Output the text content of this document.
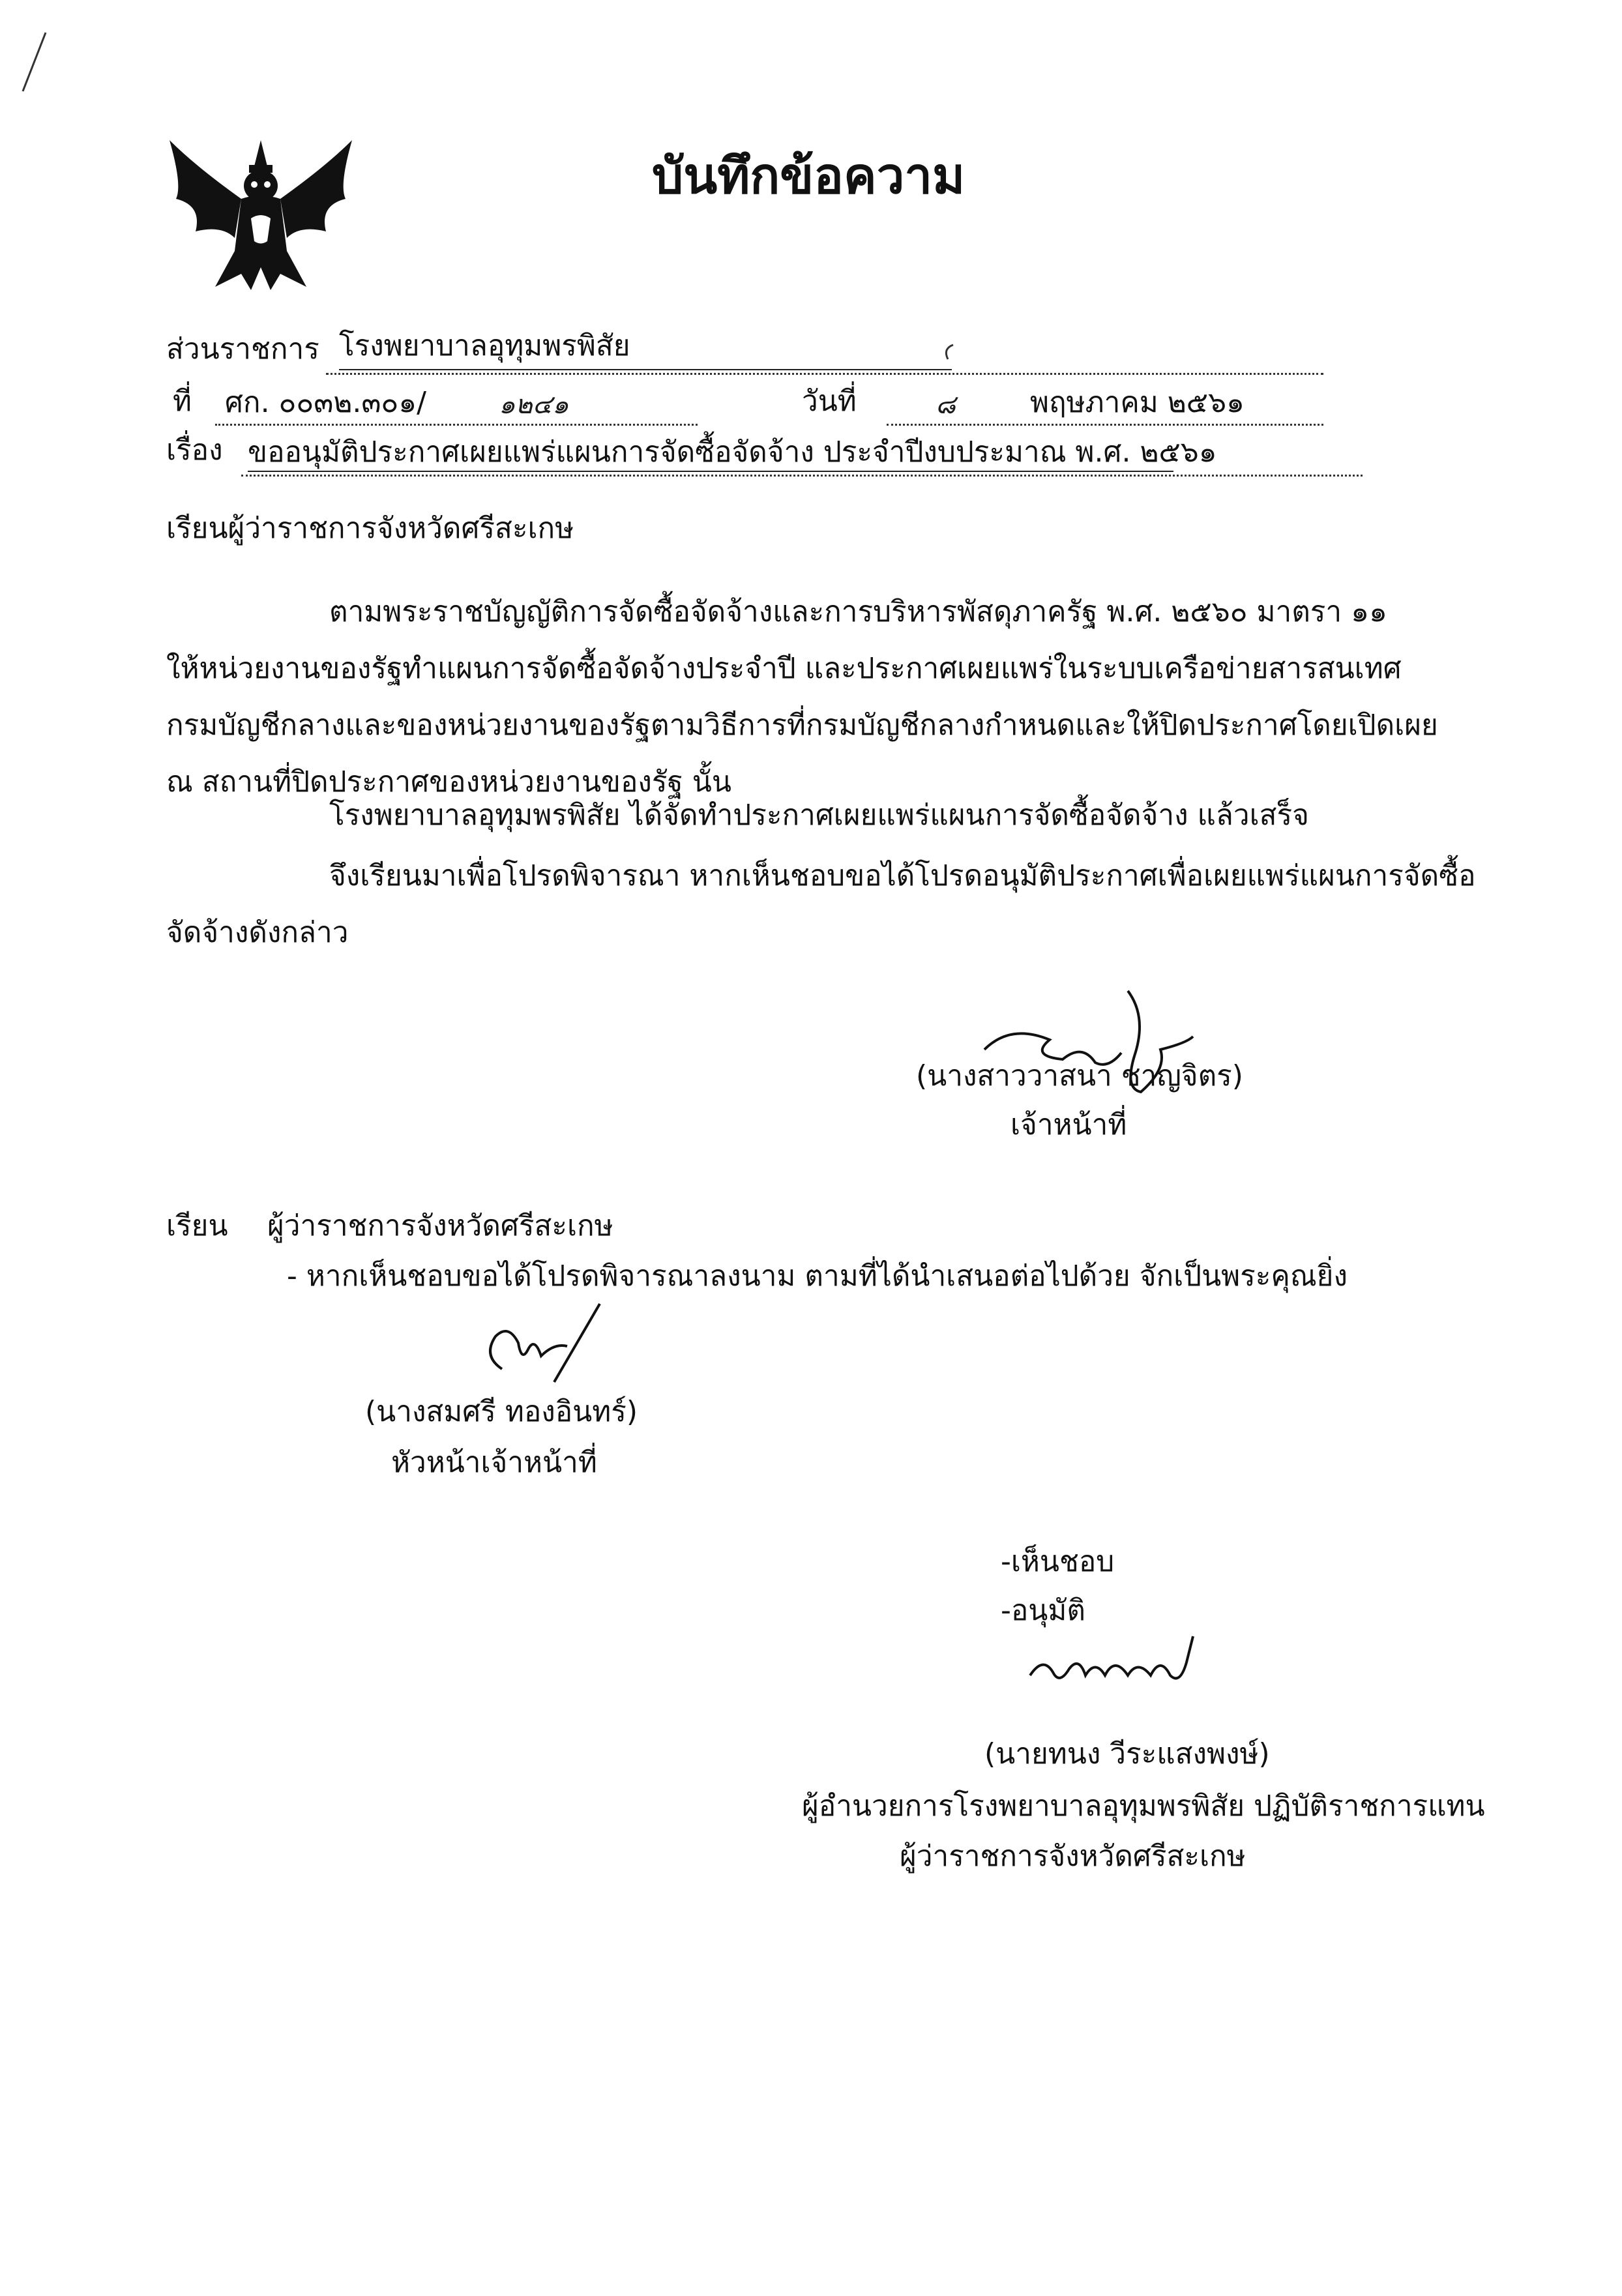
บันทึกข้อความ
ส่วนราชการ โรงพยาบาลอุทุมพรพิสัย
ที่ ศก. ๐๐๓๒.๓๐๑/	๑๒๔๑	วันที่	๘	พฤษภาคม ๒๕๖๑
เรื่อง ขออนุมัติประกาศเผยแพร่แผนการจัดซื้อจัดจ้าง ประจำปีงบประมาณ พ.ศ. ๒๕๖๑
เรียนผู้ว่าราชการจังหวัดศรีสะเกษ
ตามพระราชบัญญัติการจัดซื้อจัดจ้างและการบริหารพัสดุภาครัฐ พ.ศ. ๒๕๖๐ มาตรา ๑๑
ให้หน่วยงานของรัฐทำแผนการจัดซื้อจัดจ้างประจำปี และประกาศเผยแพร่ในระบบเครือข่ายสารสนเทศ
กรมบัญชีกลางและของหน่วยงานของรัฐตามวิธีการที่กรมบัญชีกลางกำหนดและให้ปิดประกาศโดยเปิดเผย
ณ สถานที่ปิดประกาศของหน่วยงานของรัฐ นั้น
โรงพยาบาลอุทุมพรพิสัย ได้จัดทำประกาศเผยแพร่แผนการจัดซื้อจัดจ้าง แล้วเสร็จ
จึงเรียนมาเพื่อโปรดพิจารณา หากเห็นชอบขอได้โปรดอนุมัติประกาศเพื่อเผยแพร่แผนการจัดซื้อ
จัดจ้างดังกล่าว
(นางสาววาสนา ชาญจิตร)
เจ้าหน้าที่
เรียน ผู้ว่าราชการจังหวัดศรีสะเกษ
- หากเห็นชอบขอได้โปรดพิจารณาลงนาม ตามที่ได้นำเสนอต่อไปด้วย จักเป็นพระคุณยิ่ง
(นางสมศรี ทองอินทร์)
หัวหน้าเจ้าหน้าที่
-เห็นชอบ
-อนุมัติ
(นายทนง วีระแสงพงษ์)
ผู้อำนวยการโรงพยาบาลอุทุมพรพิสัย ปฏิบัติราชการแทน
ผู้ว่าราชการจังหวัดศรีสะเกษ
